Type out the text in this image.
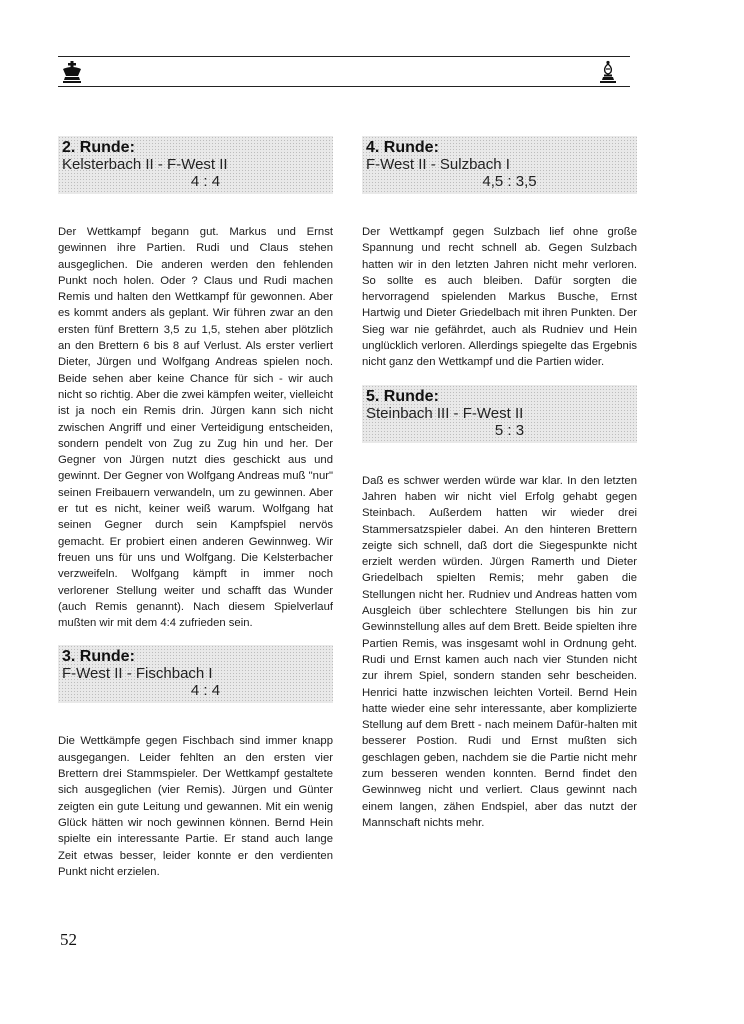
2. Runde:
Kelsterbach II - F-West II
4 : 4

Der Wettkampf begann gut. Markus und Ernst gewinnen ihre Partien. Rudi und Claus stehen ausgeglichen. Die anderen werden den fehlenden Punkt noch holen. Oder ? Claus und Rudi machen Remis und halten den Wettkampf für gewonnen. Aber es kommt anders als geplant. Wir führen zwar an den ersten fünf Brettern 3,5 zu 1,5, stehen aber plötzlich an den Brettern 6 bis 8 auf Verlust. Als erster verliert Dieter, Jürgen und Wolfgang Andreas spielen noch. Beide sehen aber keine Chance für sich - wir auch nicht so richtig. Aber die zwei kämpfen weiter, vielleicht ist ja noch ein Remis drin. Jürgen kann sich nicht zwischen Angriff und einer Verteidigung entscheiden, sondern pendelt von Zug zu Zug hin und her. Der Gegner von Jürgen nutzt dies geschickt aus und gewinnt. Der Gegner von Wolfgang Andreas muß "nur" seinen Freibauern verwandeln, um zu gewinnen. Aber er tut es nicht, keiner weiß warum. Wolfgang hat seinen Gegner durch sein Kampfspiel nervös gemacht. Er probiert einen anderen Gewinnweg. Wir freuen uns für uns und Wolfgang. Die Kelsterbacher verzweifeln. Wolfgang kämpft in immer noch verlorener Stellung weiter und schafft das Wunder (auch Remis genannt). Nach diesem Spielverlauf mußten wir mit dem 4:4 zufrieden sein.

3. Runde:
F-West II - Fischbach I
4 : 4

Die Wettkämpfe gegen Fischbach sind immer knapp ausgegangen. Leider fehlten an den ersten vier Brettern drei Stammspieler. Der Wettkampf gestaltete sich ausgeglichen (vier Remis). Jürgen und Günter zeigten ein gute Leitung und gewannen. Mit ein wenig Glück hätten wir noch gewinnen können. Bernd Hein spielte ein interessante Partie. Er stand auch lange Zeit etwas besser, leider konnte er den verdienten Punkt nicht erzielen.

4. Runde:
F-West II - Sulzbach I
4,5 : 3,5

Der Wettkampf gegen Sulzbach lief ohne große Spannung und recht schnell ab. Gegen Sulzbach hatten wir in den letzten Jahren nicht mehr verloren. So sollte es auch bleiben. Dafür sorgten die hervorragend spielenden Markus Busche, Ernst Hartwig und Dieter Griedelbach mit ihren Punkten. Der Sieg war nie gefährdet, auch als Rudniev und Hein unglücklich verloren. Allerdings spiegelte das Ergebnis nicht ganz den Wettkampf und die Partien wider.

5. Runde:
Steinbach III - F-West II
5 : 3

Daß es schwer werden würde war klar. In den letzten Jahren haben wir nicht viel Erfolg gehabt gegen Steinbach. Außerdem hatten wir wieder drei Stammersatzspieler dabei. An den hinteren Brettern zeigte sich schnell, daß dort die Siegespunkte nicht erzielt werden würden. Jürgen Ramerth und Dieter Griedelbach spielten Remis; mehr gaben die Stellungen nicht her. Rudniev und Andreas hatten vom Ausgleich über schlechtere Stellungen bis hin zur Gewinnstellung alles auf dem Brett. Beide spielten ihre Partien Remis, was insgesamt wohl in Ordnung geht. Rudi und Ernst kamen auch nach vier Stunden nicht zur ihrem Spiel, sondern standen sehr bescheiden. Henrici hatte inzwischen leichten Vorteil. Bernd Hein hatte wieder eine sehr interessante, aber komplizierte Stellung auf dem Brett - nach meinem Dafür-halten mit besserer Postion. Rudi und Ernst mußten sich geschlagen geben, nachdem sie die Partie nicht mehr zum besseren wenden konnten. Bernd findet den Gewinnweg nicht und verliert. Claus gewinnt nach einem langen, zähen Endspiel, aber das nutzt der Mannschaft nichts mehr.

52
